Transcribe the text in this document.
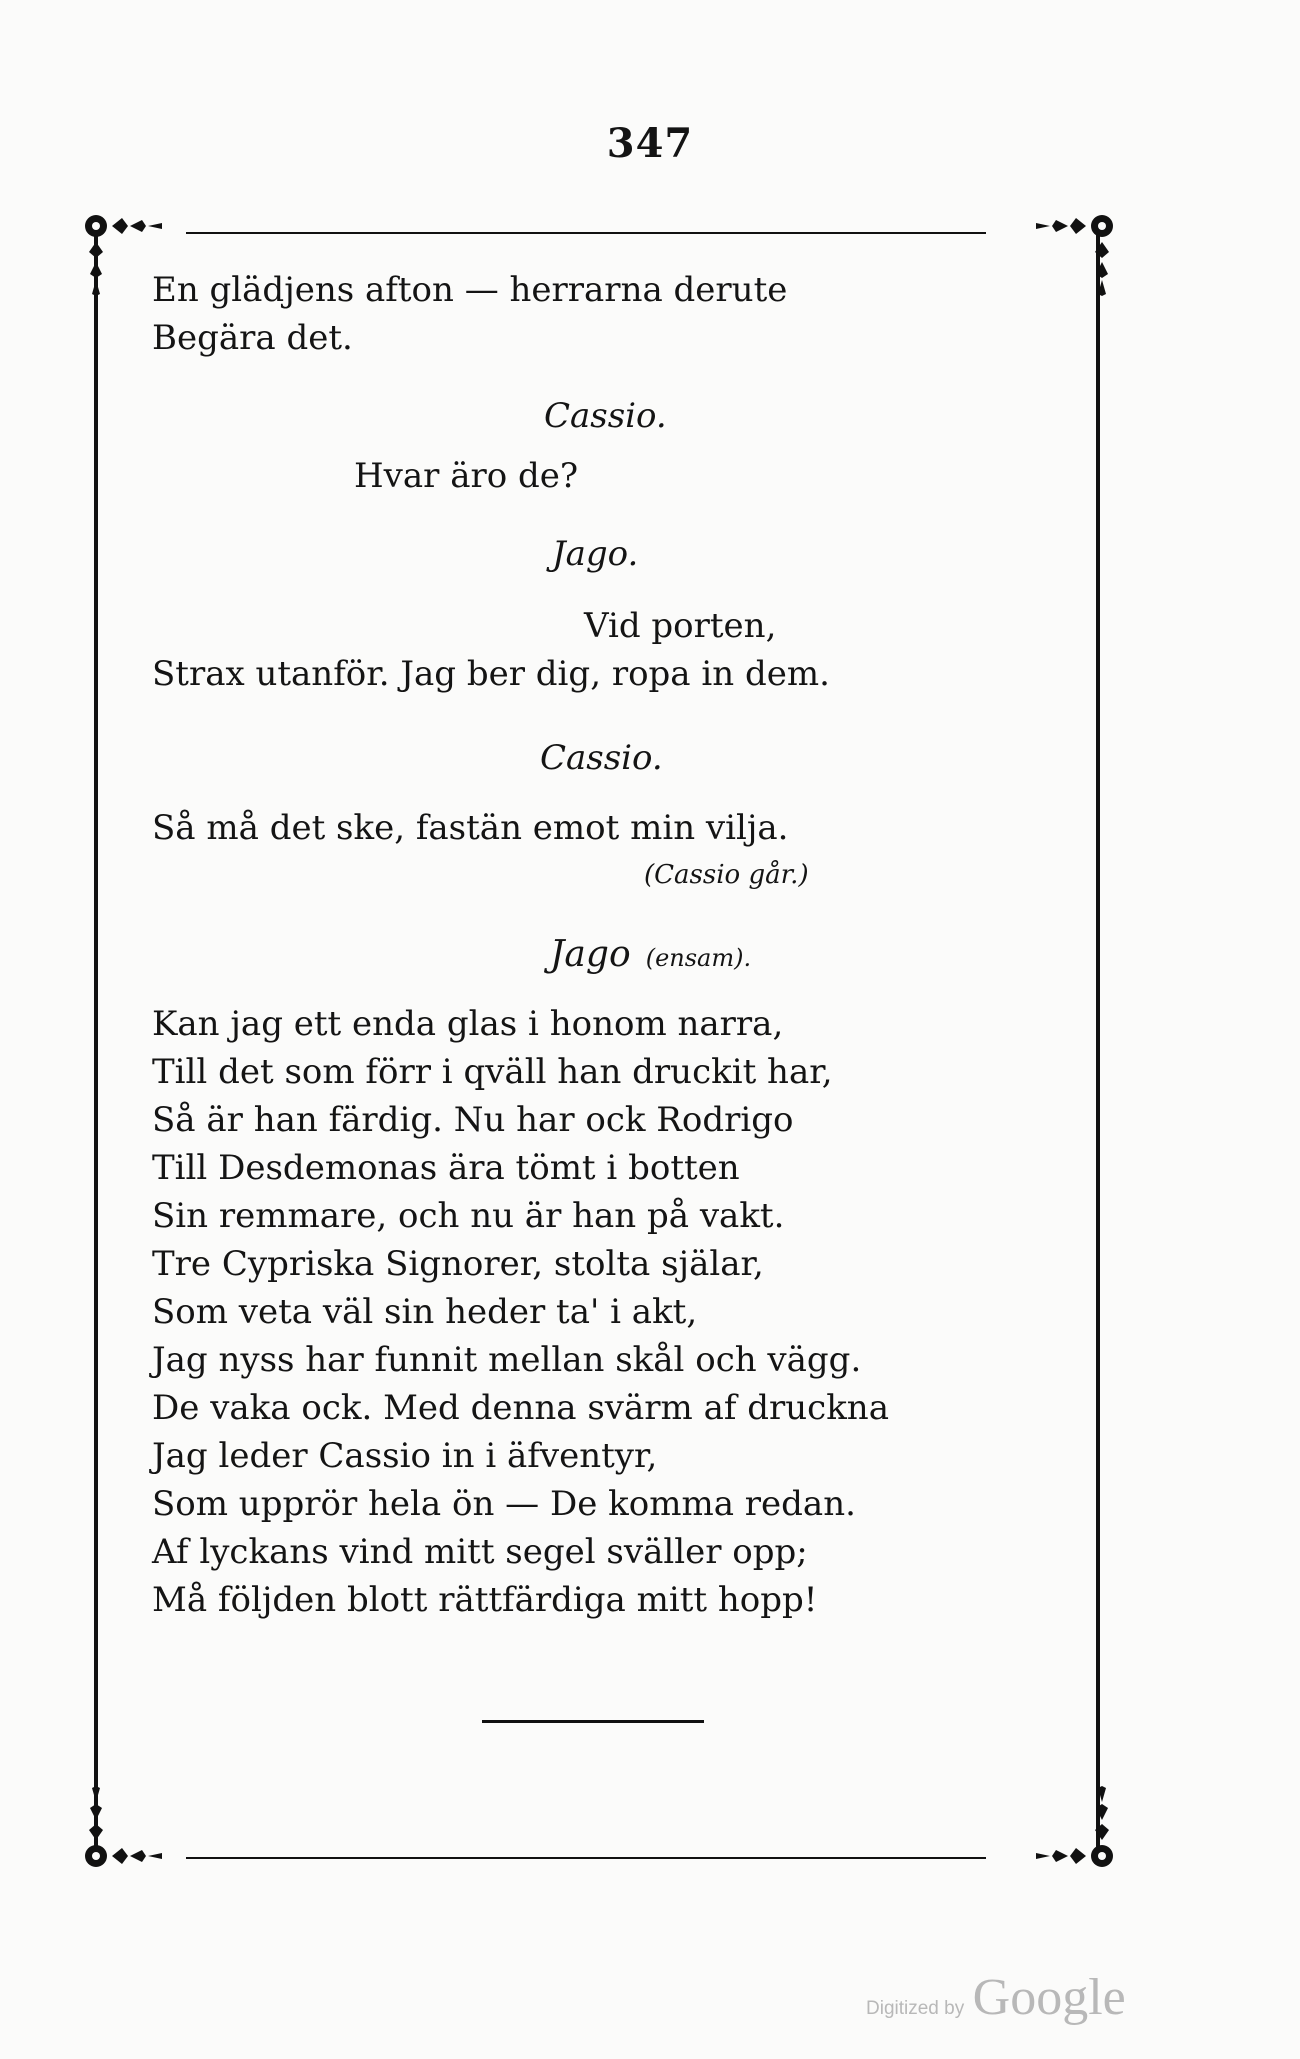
347
En glädjens afton — herrarna derute
Begära det.
Cassio.
Hvar äro de?
Jago.
Vid porten,
Strax utanför. Jag ber dig, ropa in dem.
Cassio.
Så må det ske, fastän emot min vilja.
(Cassio går.)
Jago (ensam).
Kan jag ett enda glas i honom narra,
Till det som förr i qväll han druckit har,
Så är han färdig. Nu har ock Rodrigo
Till Desdemonas ära tömt i botten
Sin remmare, och nu är han på vakt.
Tre Cypriska Signorer, stolta själar,
Som veta väl sin heder ta' i akt,
Jag nyss har funnit mellan skål och vägg.
De vaka ock. Med denna svärm af druckna
Jag leder Cassio in i äfventyr,
Som upprör hela ön — De komma redan.
Af lyckans vind mitt segel sväller opp;
Må följden blott rättfärdiga mitt hopp!
Digitized by Google
